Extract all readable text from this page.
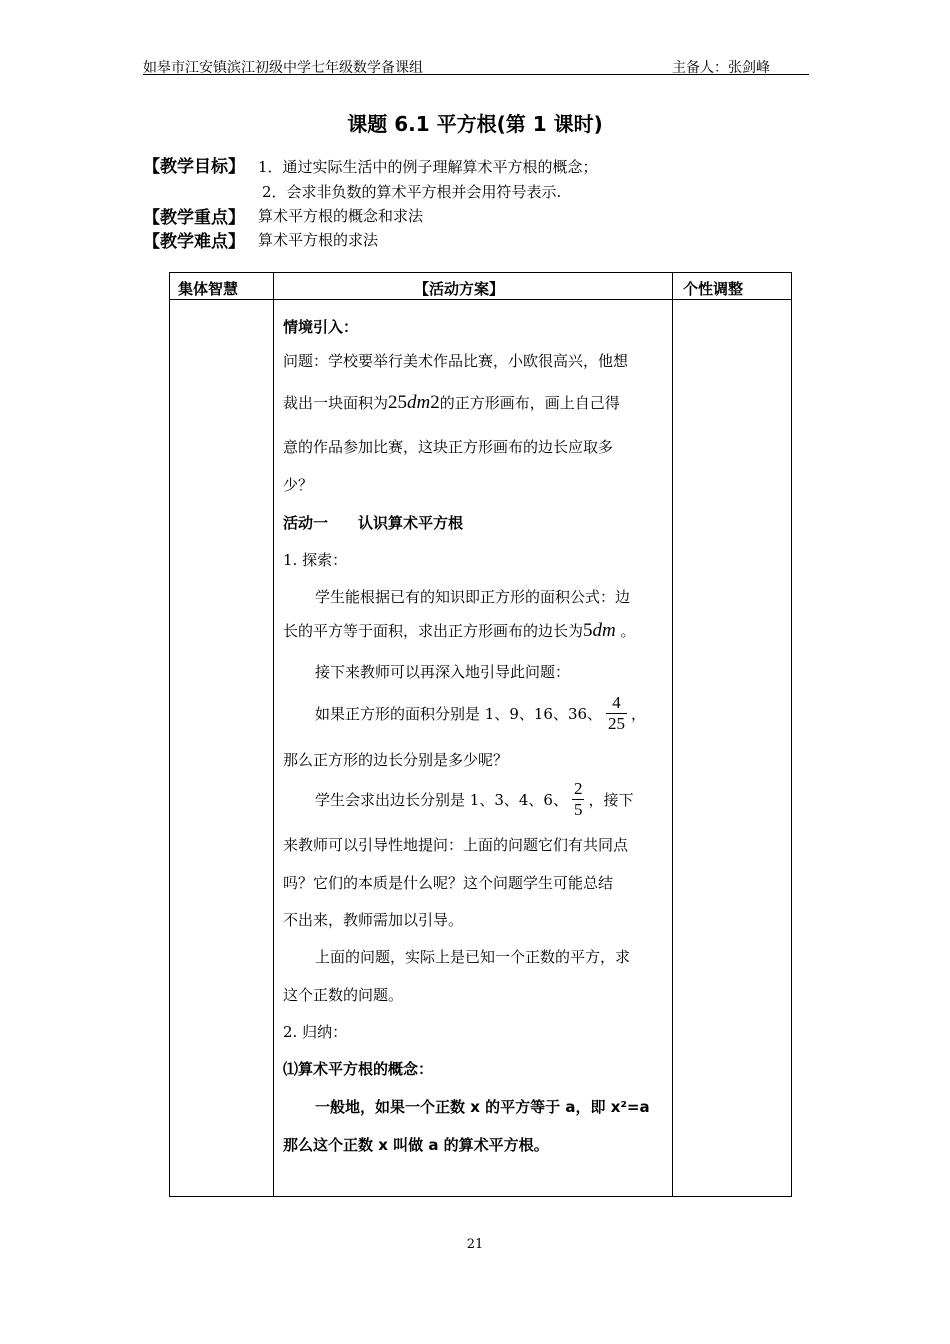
如皋市江安镇滨江初级中学七年级数学备课组	主备人：张剑峰
课题 6.1 平方根(第 1 课时)
【教学目标】 1．通过实际生活中的例子理解算术平方根的概念；
2．会求非负数的算术平方根并会用符号表示.
【教学重点】 算术平方根的概念和求法
【教学难点】 算术平方根的求法
集体智慧	【活动方案】	个性调整
情境引入：
问题：学校要举行美术作品比赛，小欧很高兴，他想
裁出一块面积为25dm2的正方形画布，画上自己得
意的作品参加比赛，这块正方形画布的边长应取多
少？
活动一　　认识算术平方根
1. 探索：
学生能根据已有的知识即正方形的面积公式：边
长的平方等于面积，求出正方形画布的边长为5dm 。
接下来教师可以再深入地引导此问题：
如果正方形的面积分别是 1、9、16、36、 $\frac{4}{25}$ ，
那么正方形的边长分别是多少呢？
学生会求出边长分别是 1、3、4、6、 $\frac{2}{5}$ ，接下
来教师可以引导性地提问：上面的问题它们有共同点
吗？它们的本质是什么呢？这个问题学生可能总结
不出来，教师需加以引导。
上面的问题，实际上是已知一个正数的平方，求
这个正数的问题。
2. 归纳：
⑴算术平方根的概念：
一般地，如果一个正数 x 的平方等于 a，即 x²=a
那么这个正数 x 叫做 a 的算术平方根。
21
